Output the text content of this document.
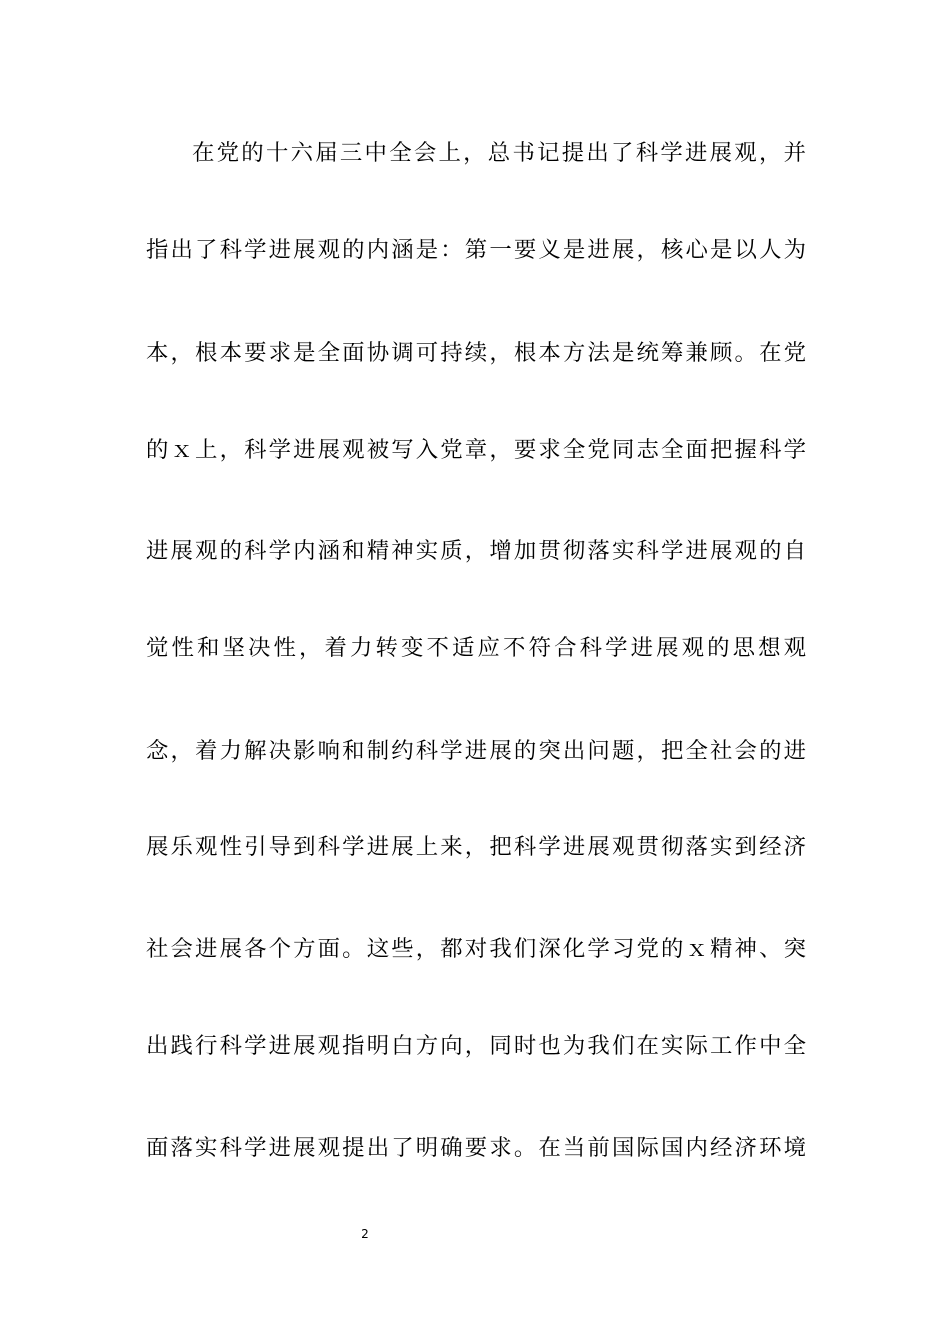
在党的十六届三中全会上，总书记提出了科学进展观，并
指出了科学进展观的内涵是：第一要义是进展，核心是以人为
本，根本要求是全面协调可持续，根本方法是统筹兼顾。在党
的ｘ上，科学进展观被写入党章，要求全党同志全面把握科学
进展观的科学内涵和精神实质，增加贯彻落实科学进展观的自
觉性和坚决性，着力转变不适应不符合科学进展观的思想观
念，着力解决影响和制约科学进展的突出问题，把全社会的进
展乐观性引导到科学进展上来，把科学进展观贯彻落实到经济
社会进展各个方面。这些，都对我们深化学习党的ｘ精神、突
出践行科学进展观指明白方向，同时也为我们在实际工作中全
面落实科学进展观提出了明确要求。在当前国际国内经济环境
2
